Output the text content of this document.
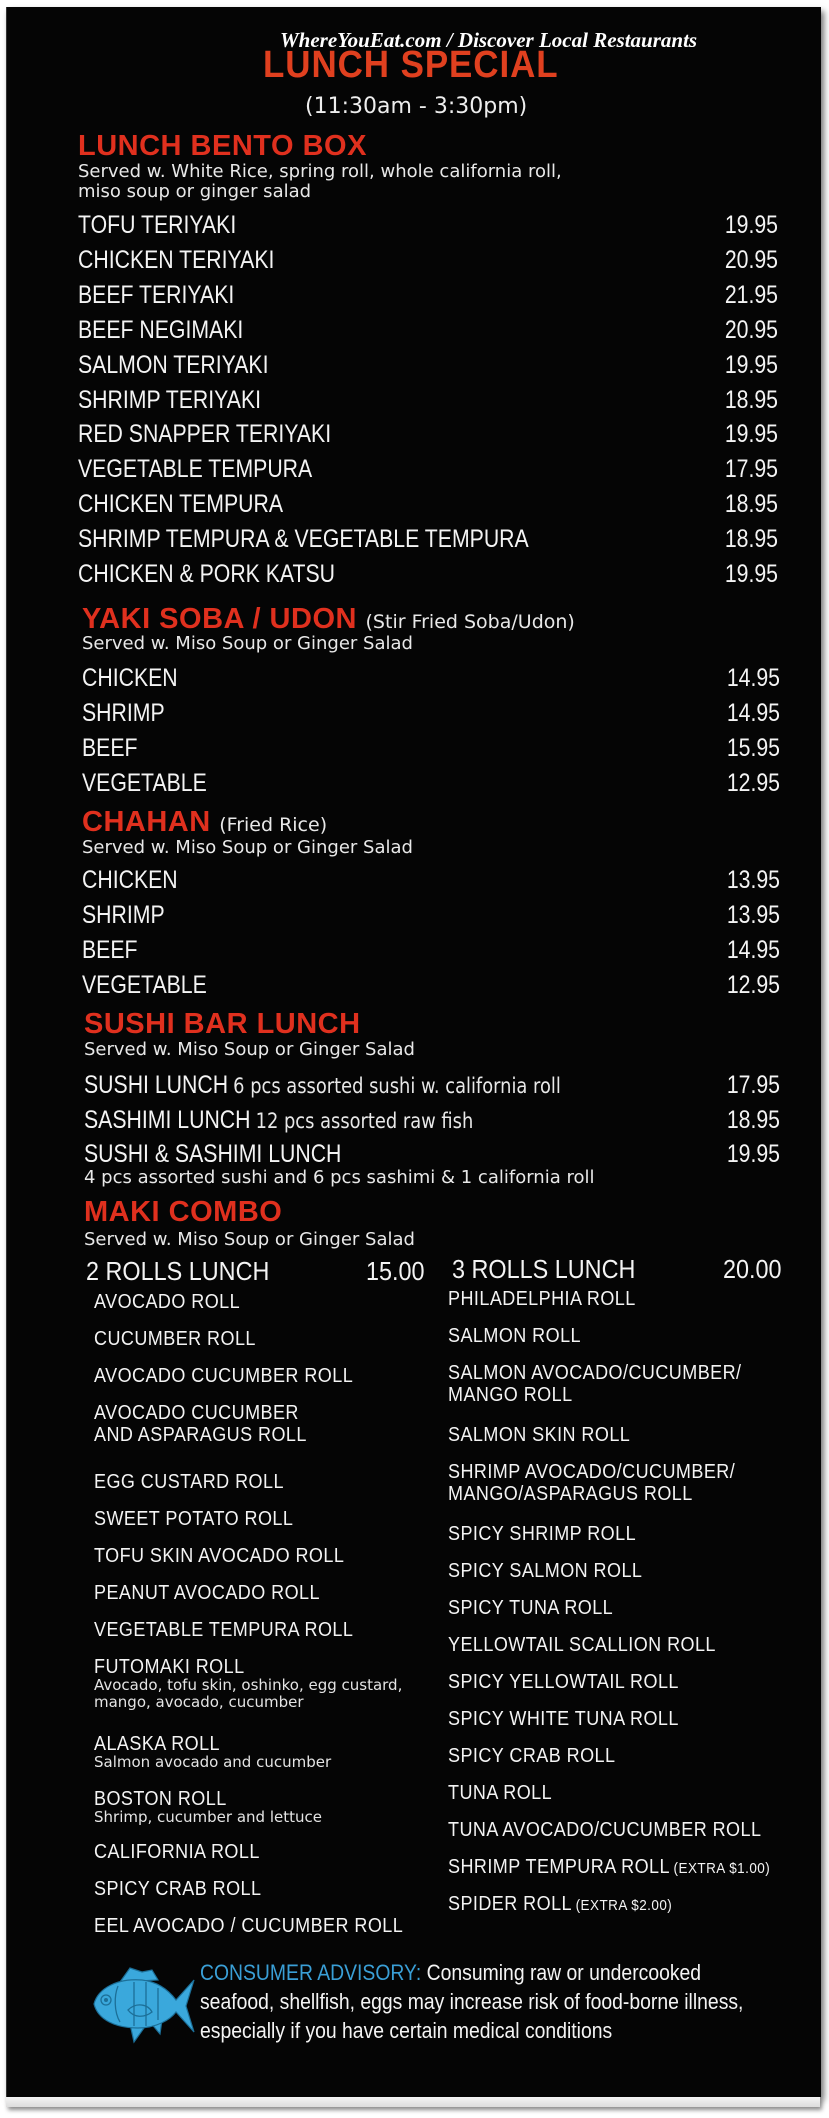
WhereYouEat.com / Discover Local Restaurants
LUNCH SPECIAL
(11:30am - 3:30pm)
LUNCH BENTO BOX
Served w. White Rice, spring roll, whole california roll,
miso soup or ginger salad
TOFU TERIYAKI	19.95
CHICKEN TERIYAKI	20.95
BEEF TERIYAKI	21.95
BEEF NEGIMAKI	20.95
SALMON TERIYAKI	19.95
SHRIMP TERIYAKI	18.95
RED SNAPPER TERIYAKI	19.95
VEGETABLE TEMPURA	17.95
CHICKEN TEMPURA	18.95
SHRIMP TEMPURA & VEGETABLE TEMPURA	18.95
CHICKEN & PORK KATSU	19.95
YAKI SOBA / UDON (Stir Fried Soba/Udon)
Served w. Miso Soup or Ginger Salad
CHICKEN	14.95
SHRIMP	14.95
BEEF	15.95
VEGETABLE	12.95
CHAHAN (Fried Rice)
Served w. Miso Soup or Ginger Salad
CHICKEN	13.95
SHRIMP	13.95
BEEF	14.95
VEGETABLE	12.95
SUSHI BAR LUNCH
Served w. Miso Soup or Ginger Salad
SUSHI LUNCH 6 pcs assorted sushi w. california roll	17.95
SASHIMI LUNCH 12 pcs assorted raw fish	18.95
SUSHI & SASHIMI LUNCH	19.95
4 pcs assorted sushi and 6 pcs sashimi & 1 california roll
MAKI COMBO
Served w. Miso Soup or Ginger Salad
2 ROLLS LUNCH	15.00 3 ROLLS LUNCH	20.00
AVOCADO ROLL
CUCUMBER ROLL
AVOCADO CUCUMBER ROLL
AVOCADO CUCUMBER
AND ASPARAGUS ROLL
EGG CUSTARD ROLL
SWEET POTATO ROLL
TOFU SKIN AVOCADO ROLL
PEANUT AVOCADO ROLL
VEGETABLE TEMPURA ROLL
FUTOMAKI ROLL
Avocado, tofu skin, oshinko, egg custard,
mango, avocado, cucumber
ALASKA ROLL
Salmon avocado and cucumber
BOSTON ROLL
Shrimp, cucumber and lettuce
CALIFORNIA ROLL
SPICY CRAB ROLL
EEL AVOCADO / CUCUMBER ROLL
PHILADELPHIA ROLL
SALMON ROLL
SALMON AVOCADO/CUCUMBER/
MANGO ROLL
SALMON SKIN ROLL
SHRIMP AVOCADO/CUCUMBER/
MANGO/ASPARAGUS ROLL
SPICY SHRIMP ROLL
SPICY SALMON ROLL
SPICY TUNA ROLL
YELLOWTAIL SCALLION ROLL
SPICY YELLOWTAIL ROLL
SPICY WHITE TUNA ROLL
SPICY CRAB ROLL
TUNA ROLL
TUNA AVOCADO/CUCUMBER ROLL
SHRIMP TEMPURA ROLL (EXTRA $1.00)
SPIDER ROLL (EXTRA $2.00)
CONSUMER ADVISORY: Consuming raw or undercooked
seafood, shellfish, eggs may increase risk of food-borne illness,
especially if you have certain medical conditions
